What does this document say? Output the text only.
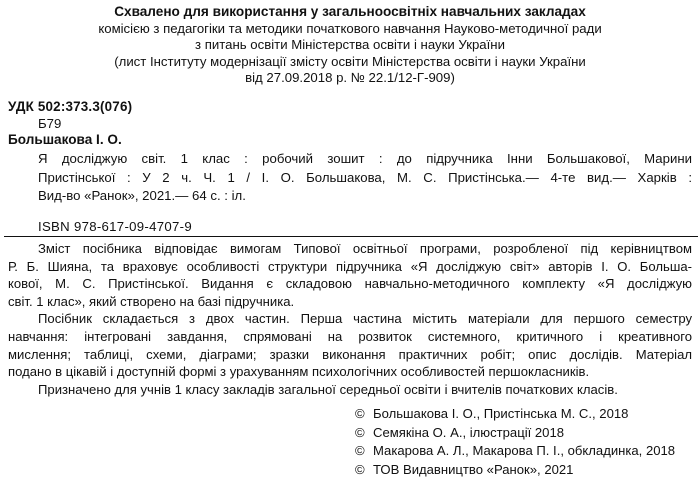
Схвалено для використання у загальноосвітніх навчальних закладах
комісією з педагогіки та методики початкового навчання Науково-методичної ради
з питань освіти Міністерства освіти і науки України
(лист Інституту модернізації змісту освіти Міністерства освіти і науки України
від 27.09.2018 р. № 22.1/12-Г-909)
УДК 502:373.3(076)
Б79
Большакова І. О.
Я досліджую світ. 1 клас : робочий зошит : до підручника Інни Большакової, Марини
Пристінської : У 2 ч. Ч. 1 / І. О. Большакова, М. С. Пристінська.— 4-те вид.— Харків :
Вид-во «Ранок», 2021.— 64 с. : іл.
ISBN 978-617-09-4707-9
Зміст посібника відповідає вимогам Типової освітньої програми, розробленої під керівництвом
Р. Б. Шияна, та враховує особливості структури підручника «Я досліджую світ» авторів І. О. Больша-
кової, М. С. Пристінської. Видання є складовою навчально-методичного комплекту «Я досліджую
світ. 1 клас», який створено на базі підручника.
Посібник складається з двох частин. Перша частина містить матеріали для першого семестру
навчання: інтегровані завдання, спрямовані на розвиток системного, критичного і креативного
мислення; таблиці, схеми, діаграми; зразки виконання практичних робіт; опис дослідів. Матеріал
подано в цікавій і доступній формі з урахуванням психологічних особливостей першокласників.
Призначено для учнів 1 класу закладів загальної середньої освіти і вчителів початкових класів.
© Большакова І. О., Пристінська М. С., 2018
© Семякіна О. А., ілюстрації 2018
© Макарова А. Л., Макарова П. І., обкладинка, 2018
© ТОВ Видавництво «Ранок», 2021
